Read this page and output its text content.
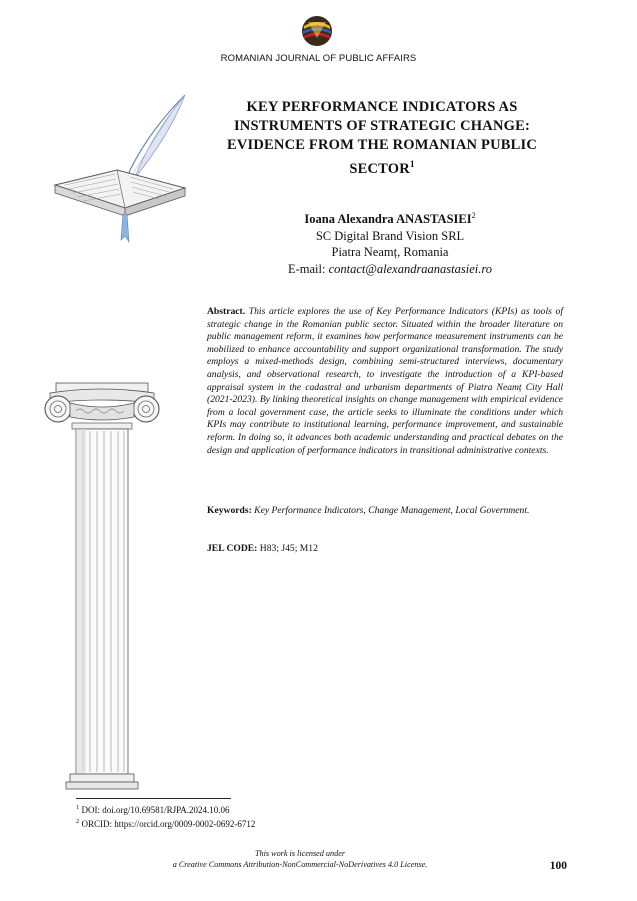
ROMANIAN JOURNAL OF PUBLIC AFFAIRS
KEY PERFORMANCE INDICATORS AS INSTRUMENTS OF STRATEGIC CHANGE: EVIDENCE FROM THE ROMANIAN PUBLIC SECTOR$^1$
Ioana Alexandra ANASTASIEI$^2$
SC Digital Brand Vision SRL
Piatra Neamț, Romania
E-mail: contact@alexandraanastasiei.ro
Abstract. This article explores the use of Key Performance Indicators (KPIs) as tools of strategic change in the Romanian public sector. Situated within the broader literature on public management reform, it examines how performance measurement instruments can be mobilized to enhance accountability and support organizational transformation. The study employs a mixed-methods design, combining semi-structured interviews, documentary analysis, and observational research, to investigate the introduction of a KPI-based appraisal system in the cadastral and urbanism departments of Piatra Neamț City Hall (2021-2023). By linking theoretical insights on change management with empirical evidence from a local government case, the article seeks to illuminate the conditions under which KPIs may contribute to institutional learning, performance improvement, and sustainable reform. In doing so, it advances both academic understanding and practical debates on the design and application of performance indicators in transitional administrative contexts.
Keywords: Key Performance Indicators, Change Management, Local Government.
JEL CODE: H83; J45; M12
$^1$ DOI: doi.org/10.69581/RJPA.2024.10.06
$^2$ ORCID: https://orcid.org/0009-0002-0692-6712
This work is licensed under
a Creative Commons Attribution-NonCommercial-NoDerivatives 4.0 License.	100
